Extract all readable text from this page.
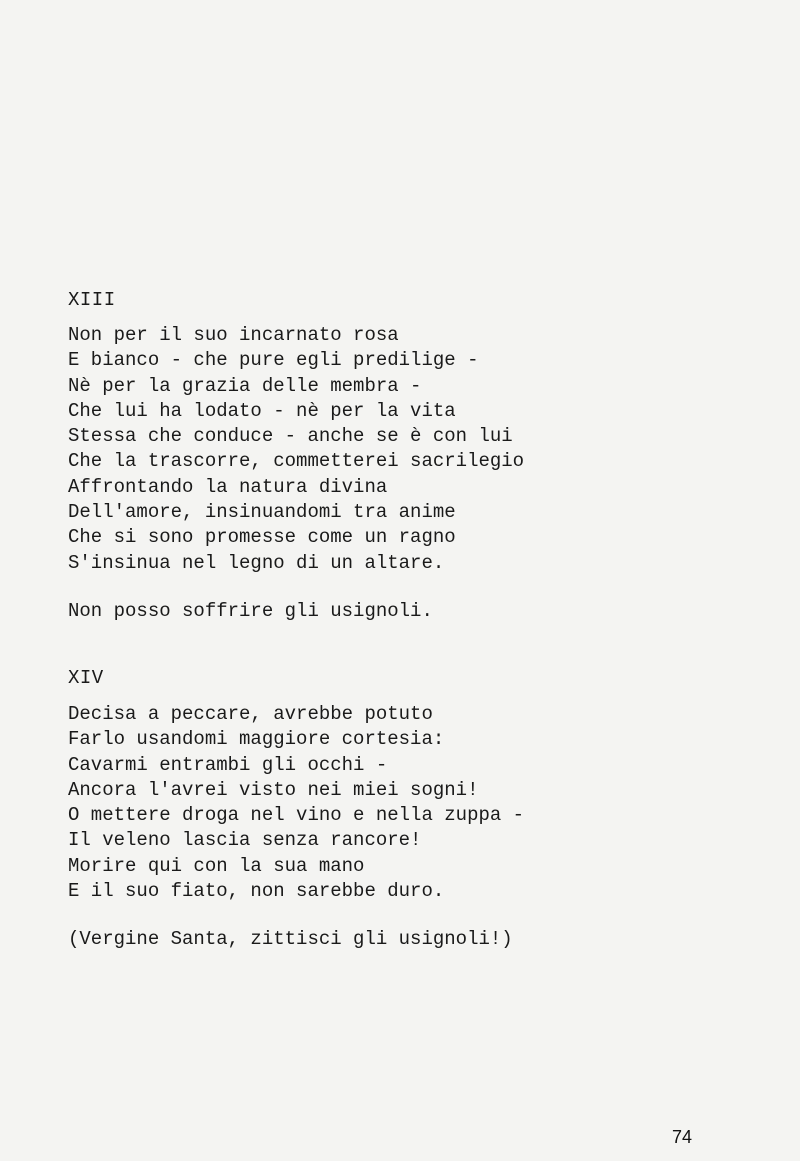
XIII
Non per il suo incarnato rosa
E bianco - che pure egli predilige -
Nè per la grazia delle membra -
Che lui ha lodato - nè per la vita
Stessa che conduce - anche se è con lui
Che la trascorre, commetterei sacrilegio
Affrontando la natura divina
Dell'amore, insinuandomi tra anime
Che si sono promesse come un ragno
S'insinua nel legno di un altare.
Non posso soffrire gli usignoli.
XIV
Decisa a peccare, avrebbe potuto
Farlo usandomi maggiore cortesia:
Cavarmi entrambi gli occhi -
Ancora l'avrei visto nei miei sogni!
O mettere droga nel vino e nella zuppa -
Il veleno lascia senza rancore!
Morire qui con la sua mano
E il suo fiato, non sarebbe duro.
(Vergine Santa, zittisci gli usignoli!)
74
